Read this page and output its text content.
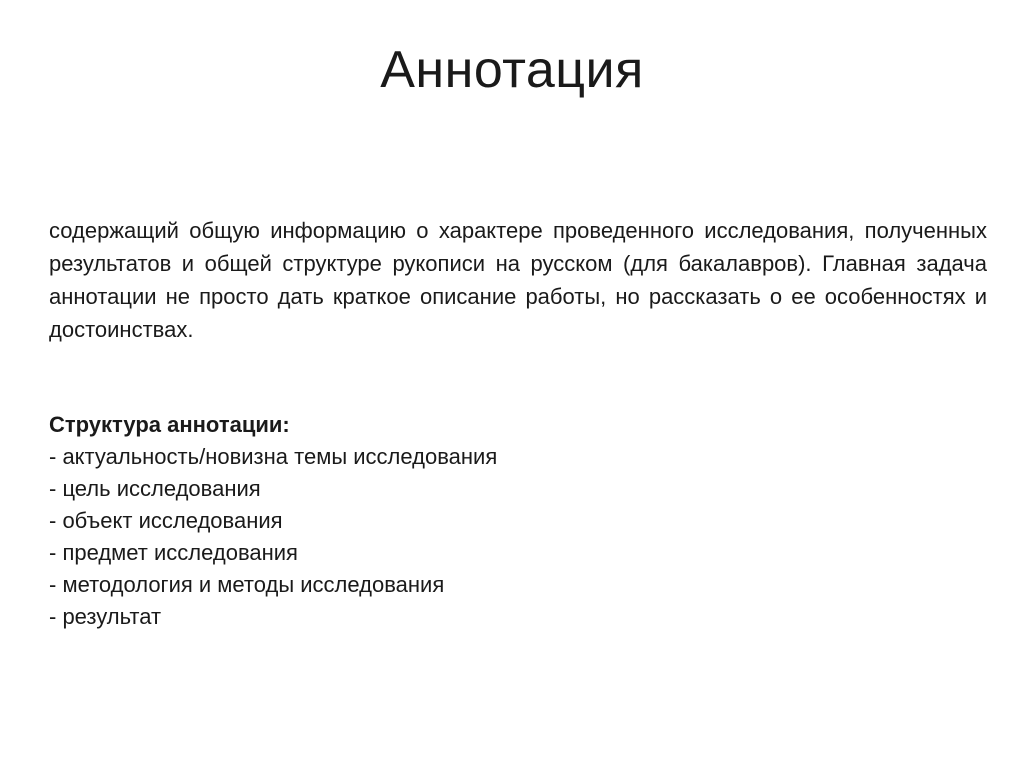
Аннотация

содержащий общую информацию о характере проведенного исследования, полученных результатов и общей структуре рукописи на русском (для бакалавров). Главная задача аннотации не просто дать краткое описание работы, но рассказать о ее особенностях и достоинствах.

Структура аннотации:
- актуальность/новизна темы исследования
- цель исследования
- объект исследования
- предмет исследования
- методология и методы исследования
- результат
